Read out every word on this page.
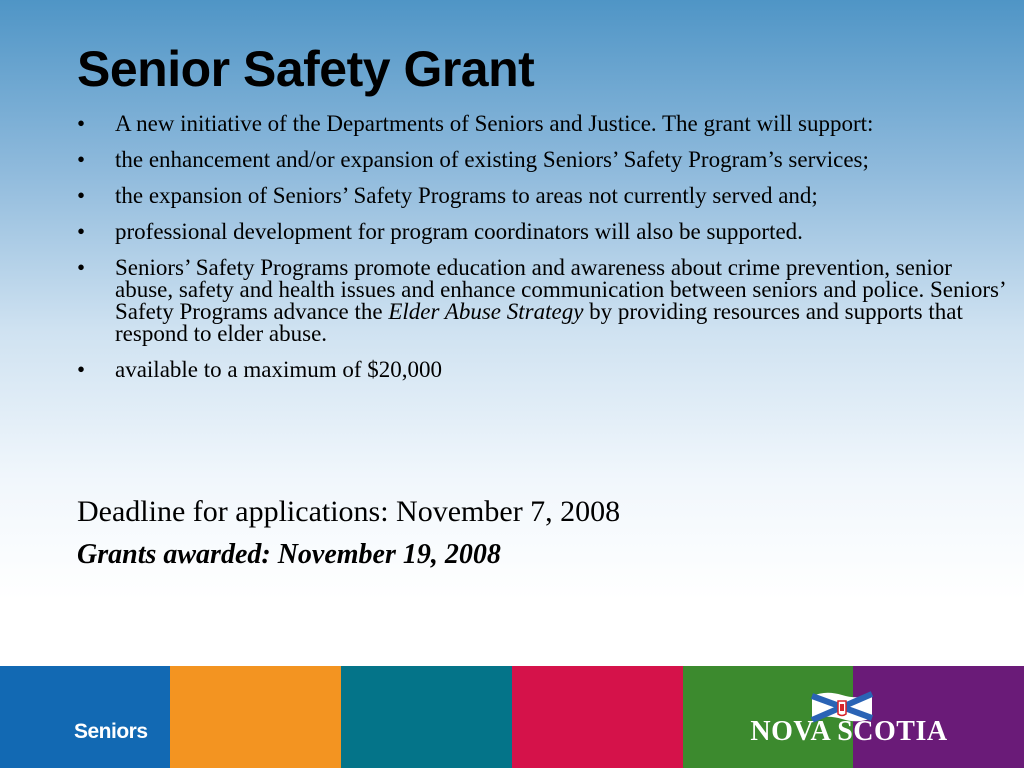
Senior Safety Grant
• A new initiative of the Departments of Seniors and Justice. The grant will support:
• the enhancement and/or expansion of existing Seniors’ Safety Program’s services;
• the expansion of Seniors’ Safety Programs to areas not currently served and;
• professional development for program coordinators will also be supported.
• Seniors’ Safety Programs promote education and awareness about crime prevention, senior abuse, safety and health issues and enhance communication between seniors and police. Seniors’ Safety Programs advance the Elder Abuse Strategy by providing resources and supports that respond to elder abuse.
• available to a maximum of $20,000
Deadline for applications: November 7, 2008
Grants awarded: November 19, 2008
Seniors	NOVA SCOTIA
